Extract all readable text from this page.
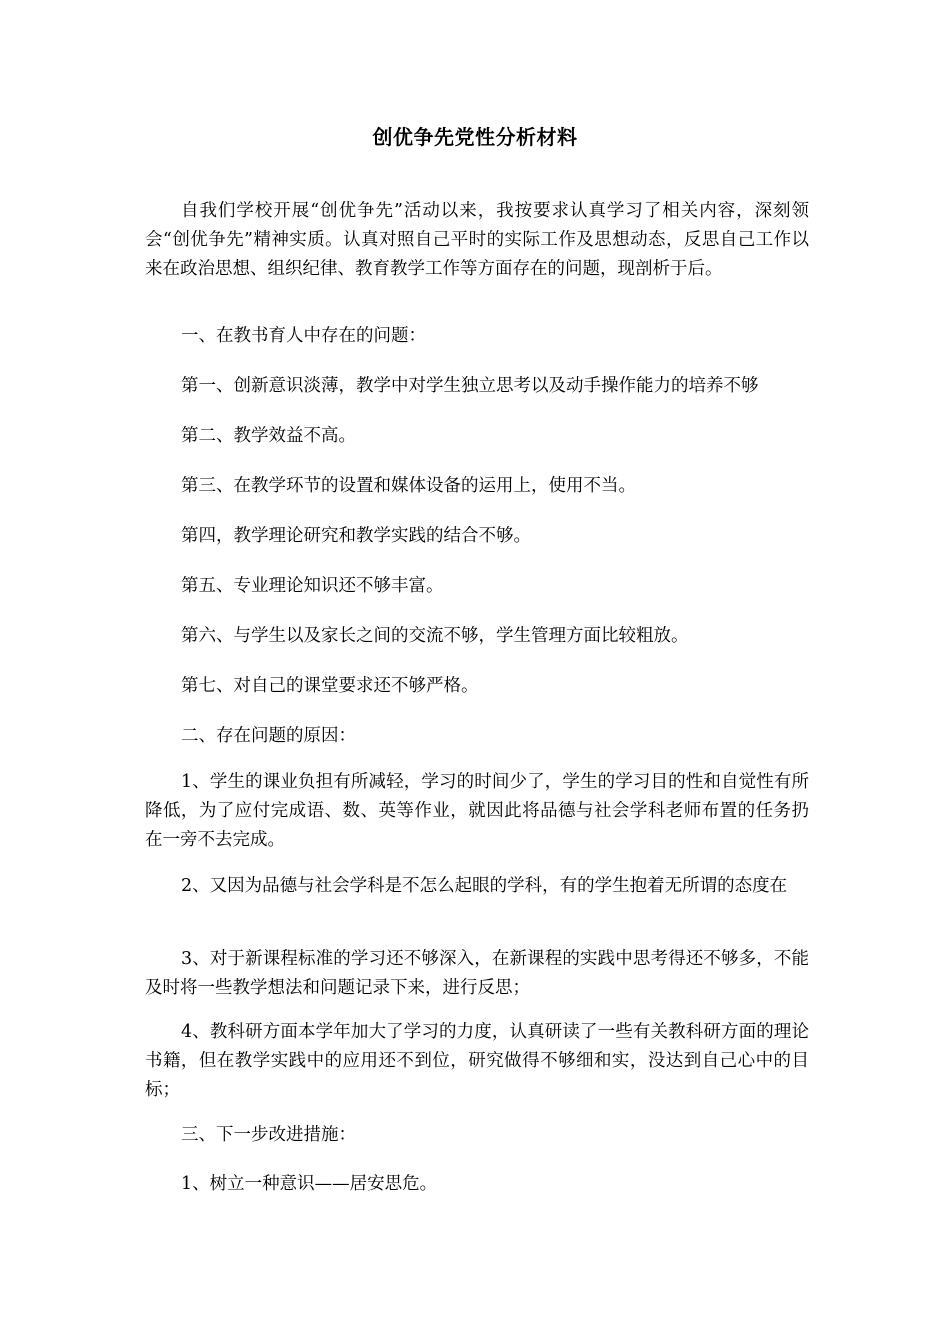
创优争先党性分析材料

自我们学校开展“创优争先”活动以来，我按要求认真学习了相关内容，深刻领会“创优争先”精神实质。认真对照自己平时的实际工作及思想动态，反思自己工作以来在政治思想、组织纪律、教育教学工作等方面存在的问题，现剖析于后。

一、在教书育人中存在的问题：

第一、创新意识淡薄，教学中对学生独立思考以及动手操作能力的培养不够

第二、教学效益不高。

第三、在教学环节的设置和媒体设备的运用上，使用不当。

第四，教学理论研究和教学实践的结合不够。

第五、专业理论知识还不够丰富。

第六、与学生以及家长之间的交流不够，学生管理方面比较粗放。

第七、对自己的课堂要求还不够严格。

二、存在问题的原因：

1、学生的课业负担有所减轻，学习的时间少了，学生的学习目的性和自觉性有所降低，为了应付完成语、数、英等作业，就因此将品德与社会学科老师布置的任务扔在一旁不去完成。

2、又因为品德与社会学科是不怎么起眼的学科，有的学生抱着无所谓的态度在

3、对于新课程标准的学习还不够深入，在新课程的实践中思考得还不够多，不能及时将一些教学想法和问题记录下来，进行反思；

4、教科研方面本学年加大了学习的力度，认真研读了一些有关教科研方面的理论书籍，但在教学实践中的应用还不到位，研究做得不够细和实，没达到自己心中的目标；

三、下一步改进措施：

1、树立一种意识——居安思危。
